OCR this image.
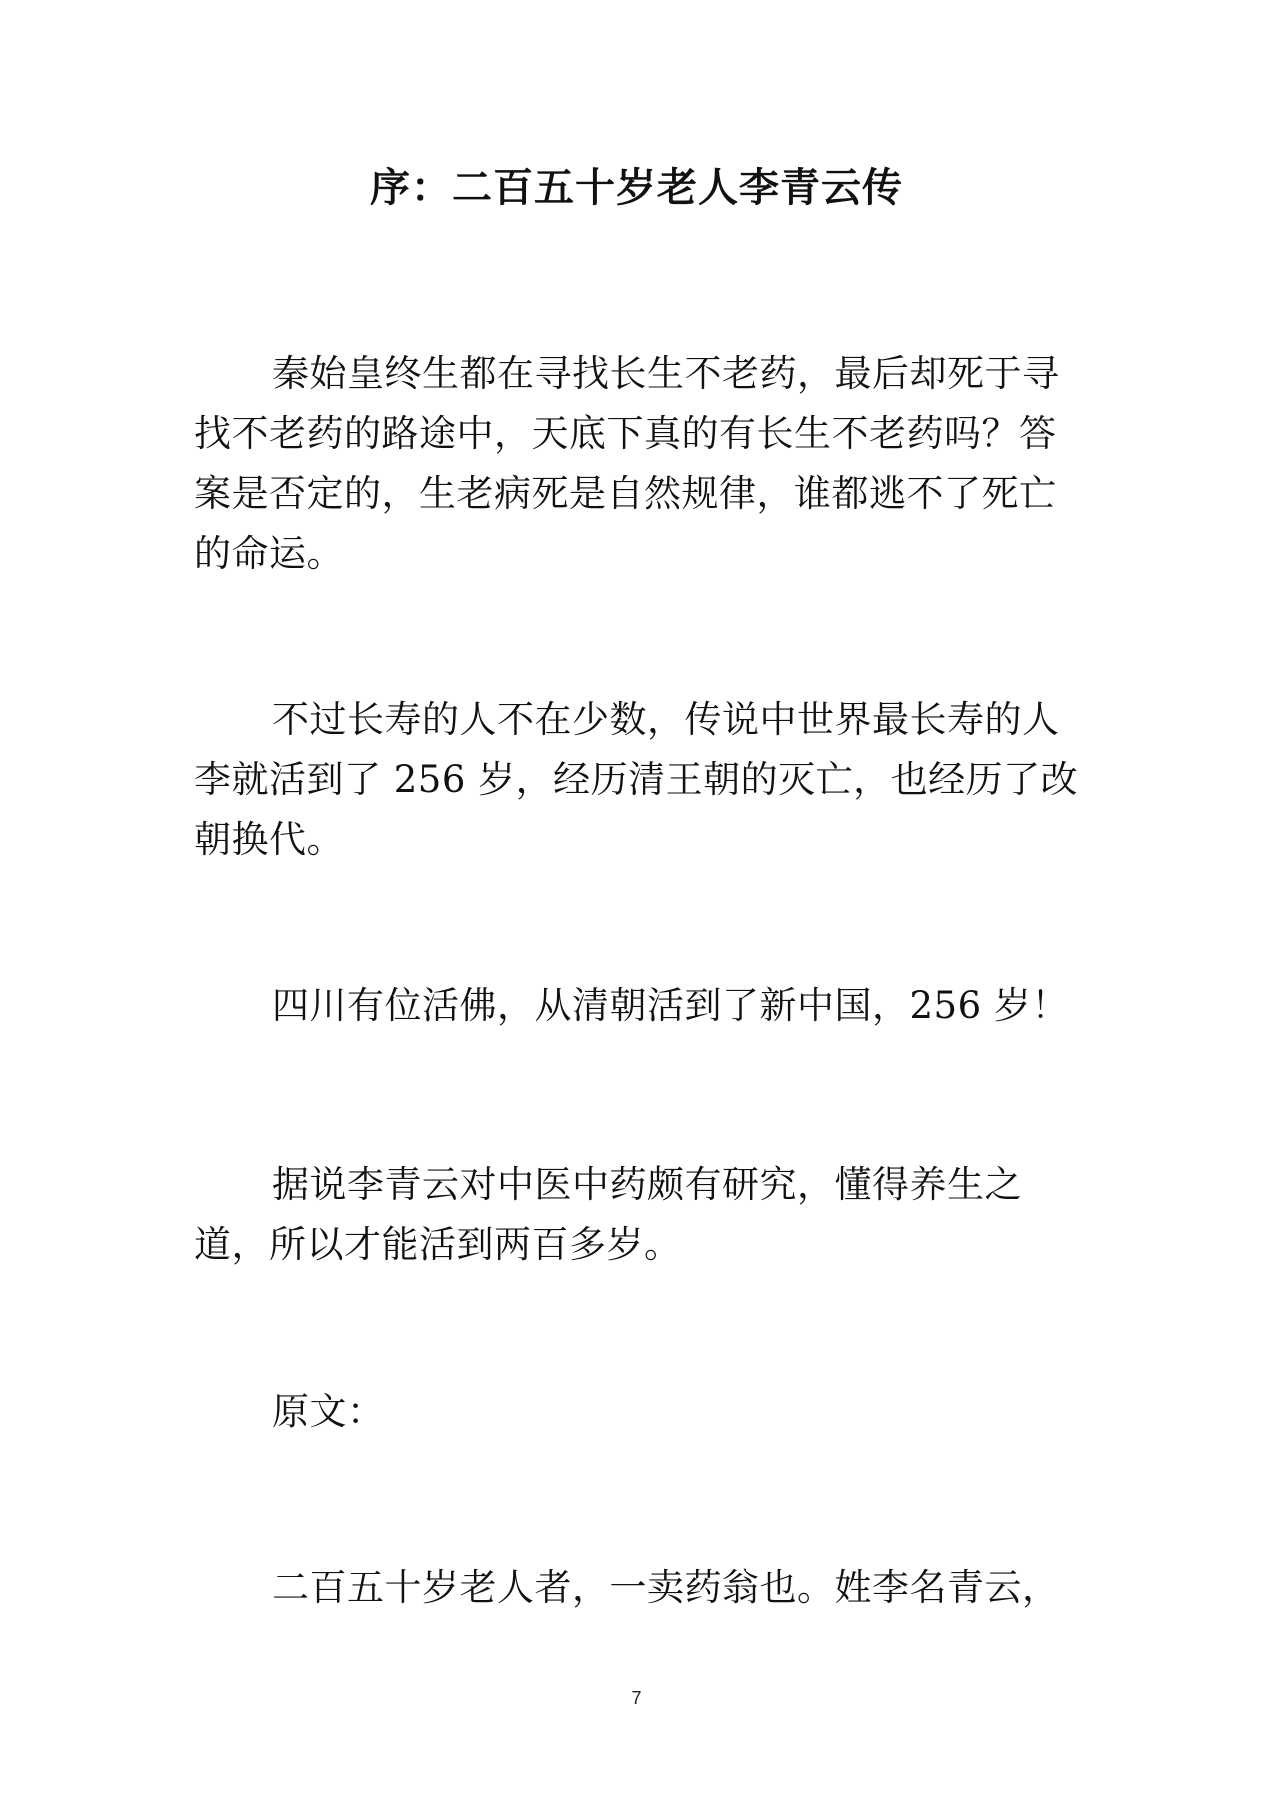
序：二百五十岁老人李青云传

秦始皇终生都在寻找长生不老药，最后却死于寻找不老药的路途中，天底下真的有长生不老药吗？答案是否定的，生老病死是自然规律，谁都逃不了死亡的命运。

不过长寿的人不在少数，传说中世界最长寿的人李就活到了 256 岁，经历清王朝的灭亡，也经历了改朝换代。

四川有位活佛，从清朝活到了新中国，256 岁！

据说李青云对中医中药颇有研究，懂得养生之道，所以才能活到两百多岁。

原文：

二百五十岁老人者，一卖药翁也。姓李名青云，

7
